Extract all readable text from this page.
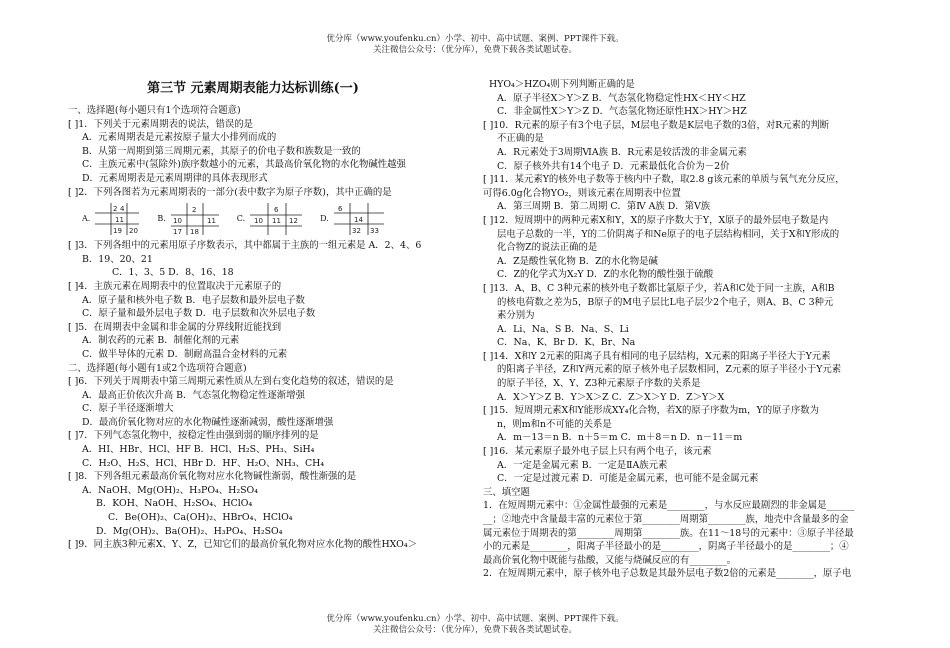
优分库（www.youfenku.cn）小学、初中、高中试题、案例、PPT课件下载。
关注微信公众号：（优分库），免费下载各类试题试卷。
第三节 元素周期表能力达标训练(一)
一、选择题(每小题只有1个选项符合题意)
[ ]1．下列关于元素周期表的说法，错误的是
A．元素周期表是元素按原子量大小排列而成的
B．从第一周期到第三周期元素，其原子的价电子数和族数是一致的
C．主族元素中(氢除外)族序数越小的元素，其最高价氧化物的水化物碱性越强
D．元素周期表是元素周期律的具体表现形式
[ ]2．下列各图若为元素周期表的一部分(表中数字为原子序数)，其中正确的是
A.
2 4
11
19 20
B.
2
10	11
17 18
C.
6
10 11 12	D.
6
14
32 33
[ ]3．下列各组中的元素用原子序数表示，其中都属于主族的一组元素是 A．2、4、6
B．19、20、21
C．1、3、5 D．8、16、18
[ ]4．主族元素在周期表中的位置取决于元素原子的
A．原子量和核外电子数 B．电子层数和最外层电子数
C．原子量和最外层电子数 D．电子层数和次外层电子数
[ ]5．在周期表中金属和非金属的分界线附近能找到
A．制农药的元素 B．制催化剂的元素
C．做半导体的元素 D．制耐高温合金材料的元素
二、选择题(每小题有1或2个选项符合题意)
[ ]6．下列关于周期表中第三周期元素性质从左到右变化趋势的叙述，错误的是
A．最高正价依次升高 B．气态氢化物稳定性逐渐增强
C．原子半径逐渐增大
D．最高价氧化物对应的水化物碱性逐渐减弱，酸性逐渐增强
[ ]7．下列气态氢化物中，按稳定性由强到弱的顺序排列的是
A．HI、HBr、HCl、HF B．HCl、H₂S、PH₃、SiH₄
C．H₂O、H₂S、HCl、HBr D．HF、H₂O、NH₃、CH₄
[ ]8．下列各组元素最高价氧化物对应水化物碱性渐弱，酸性渐强的是
A．NaOH、Mg(OH)₂、H₃PO₄、H₂SO₄
B．KOH、NaOH、H₂SO₄、HClO₄
C．Be(OH)₂、Ca(OH)₂、HBrO₄、HClO₄
D．Mg(OH)₂、Ba(OH)₂、H₃PO₄、H₂SO₄
[ ]9．同主族3种元素X、Y、Z，已知它们的最高价氧化物对应水化物的酸性HXO₄＞
HYO₄＞HZO₄则下列判断正确的是
A．原子半径X＞Y＞Z B．气态氢化物稳定性HX＜HY＜HZ
C．非金属性X＞Y＞Z D．气态氢化物还原性HX＞HY＞HZ
[ ]10．R元素的原子有3个电子层，M层电子数是K层电子数的3倍，对R元素的判断
不正确的是
A．R元素处于3周期ⅥA族 B．R元素是较活泼的非金属元素
C．原子核外共有14个电子 D．元素最低化合价为－2价
[ ]11．某元素Y的核外电子数等于核内中子数，取2.8 g该元素的单质与氧气充分反应，
可得6.0g化合物YO₂，则该元素在周期表中位置
A．第三周期 B．第二周期 C．第Ⅳ A族 D．第Ⅴ族
[ ]12．短周期中的两种元素X和Y，X的原子序数大于Y，X原子的最外层电子数是内
层电子总数的一半，Y的二价阴离子和Ne原子的电子层结构相同，关于X和Y形成的
化合物Z的说法正确的是
A．Z是酸性氧化物 B．Z的水化物是碱
C．Z的化学式为X₂Y D．Z的水化物的酸性强于硫酸
[ ]13．A、B、C 3种元素的核外电子数都比氩原子少，若A和C处于同一主族，A和B
的核电荷数之差为5，B原子的M电子层比L电子层少2个电子，则A、B、C 3种元
素分别为
A．Li、Na、S B．Na、S、Li
C．Na、K、Br D．K、Br、Na
[ ]14．X和Y 2元素的阳离子具有相同的电子层结构，X元素的阳离子半径大于Y元素
的阳离子半径，Z和Y两元素的原子核外电子层数相同，Z元素的原子半径小于Y元素
的原子半径，X、Y、Z3种元素原子序数的关系是
A．X＞Y＞Z B．Y＞X＞Z C．Z＞X＞Y D．Z＞Y＞X
[ ]15．短周期元素X和Y能形成XY₄化合物，若X的原子序数为m，Y的原子序数为
n，则m和n不可能的关系是
A．m－13＝n B．n＋5＝m C．m＋8＝n D．n－11＝m
[ ]16．某元素原子最外电子层上只有两个电子，该元素
A．一定是金属元素 B．一定是ⅡA族元素
C．一定是过渡元素 D．可能是金属元素，也可能不是金属元素
三、填空题
1．在短周期元素中：①金属性最强的元素是________，与水反应最剧烈的非金属是______
__；②地壳中含量最丰富的元素位于第________周期第________族，地壳中含量最多的金
属元素位于周期表的第________周期第________族。在11～18号的元素中：③原子半径最
小的元素是________，阳离子半径最小的是________，阴离子半径最小的是________；④
最高价氧化物中既能与盐酸，又能与烧碱反应的有________。
2．在短周期元素中，原子核外电子总数是其最外层电子数2倍的元素是________，原子电
优分库（www.youfenku.cn）小学、初中、高中试题、案例、PPT课件下载。
关注微信公众号：（优分库），免费下载各类试题试卷。
